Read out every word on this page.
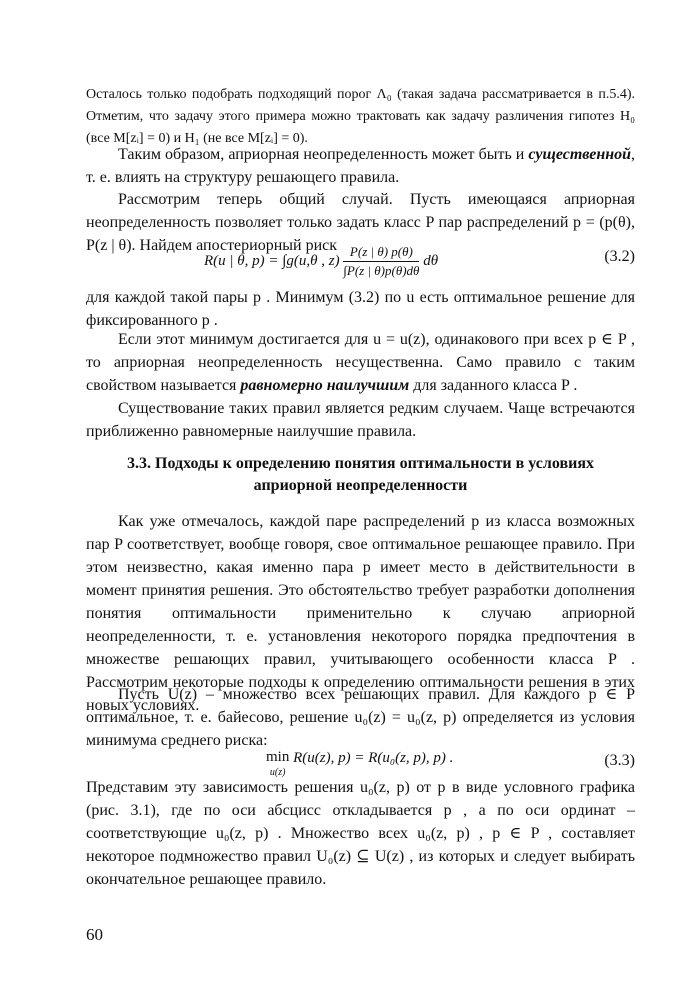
Осталось только подобрать подходящий порог Λ₀ (такая задача рассматривается в п.5.4). Отметим, что задачу этого примера можно трактовать как задачу различения гипотез H₀ (все M[zᵢ] = 0) и H₁ (не все M[zᵢ] = 0).

Таким образом, априорная неопределенность может быть и существенной, т. е. влиять на структуру решающего правила.

Рассмотрим теперь общий случай. Пусть имеющаяся априорная неопределенность позволяет только задать класс P пар распределений p = (p(θ), P(z | θ). Найдем апостериорный риск

R(u | θ, p) = ∫g(u,θ , $z) \frac{P(z | \theta) p(\theta)}{\int P(z | \theta)p(\theta)d\theta}$ dθ	(3.2)

для каждой такой пары p . Минимум (3.2) по u есть оптимальное решение для фиксированного p .

Если этот минимум достигается для u = u(z), одинакового при всех p ∈ P , то априорная неопределенность несущественна. Само правило с таким свойством называется равномерно наилучшим для заданного класса P .

Существование таких правил является редким случаем. Чаще встречаются приближенно равномерные наилучшие правила.

3.3. Подходы к определению понятия оптимальности в условиях
априорной неопределенности

Как уже отмечалось, каждой паре распределений p из класса возможных пар P соответствует, вообще говоря, свое оптимальное решающее правило. При этом неизвестно, какая именно пара p имеет место в действительности в момент принятия решения. Это обстоятельство требует разработки дополнения понятия оптимальности применительно к случаю априорной неопределенности, т. е. установления некоторого порядка предпочтения в множестве решающих правил, учитывающего особенности класса P . Рассмотрим некоторые подходы к определению оптимальности решения в этих новых условиях.

Пусть U(z) – множество всех решающих правил. Для каждого p ∈ P оптимальное, т. е. байесово, решение u₀(z) = u₀(z, p) определяется из условия минимума среднего риска:

min
u(z) R(u(z), p) = R(u₀(z, p), p) .	(3.3)

Представим эту зависимость решения u₀(z, p) от p в виде условного графика (рис. 3.1), где по оси абсцисс откладывается p , а по оси ординат – соответствующие u₀(z, p) . Множество всех u₀(z, p) , p ∈ P , составляет некоторое подмножество правил U₀(z) ⊆ U(z) , из которых и следует выбирать окончательное решающее правило.

60
